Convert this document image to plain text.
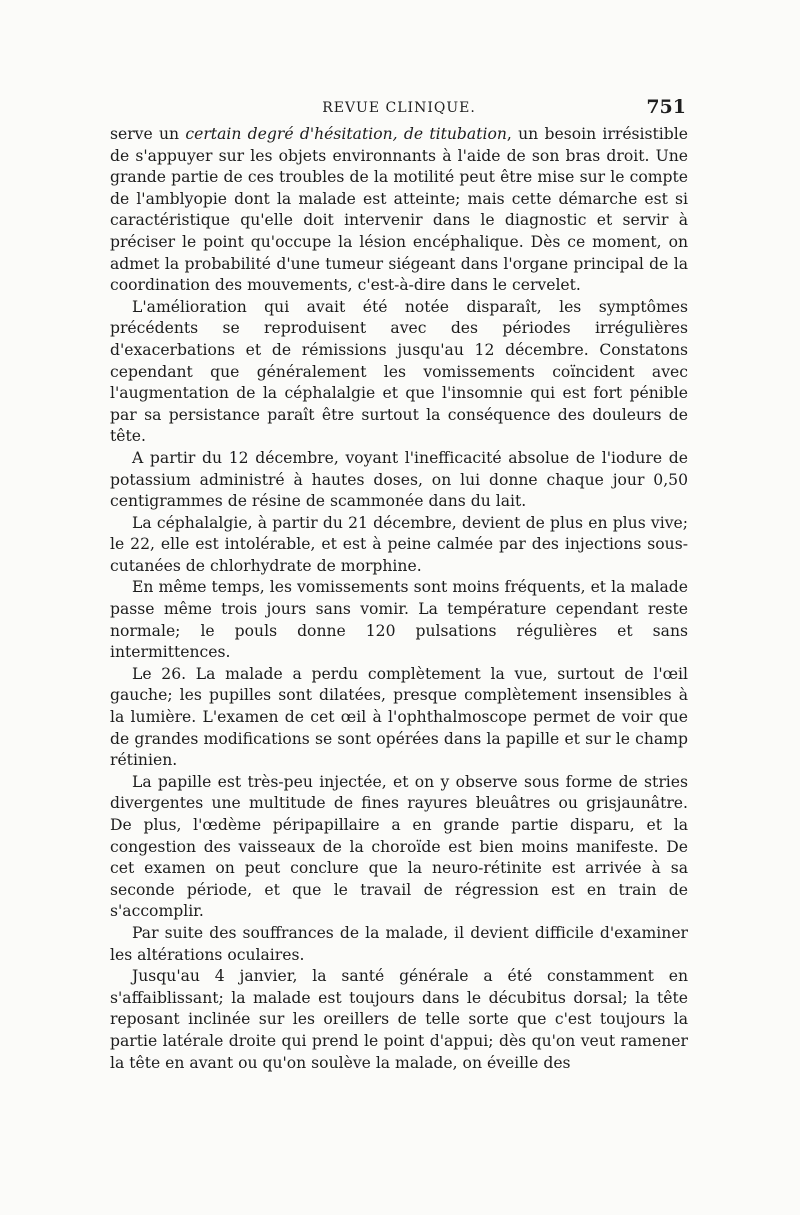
REVUE CLINIQUE.	751

serve un certain degré d'hésitation, de titubation, un besoin irrésistible de s'appuyer sur les objets environnants à l'aide de son bras droit. Une grande partie de ces troubles de la motilité peut être mise sur le compte de l'amblyopie dont la malade est atteinte; mais cette démarche est si caractéristique qu'elle doit intervenir dans le diagnostic et servir à préciser le point qu'occupe la lésion encéphalique. Dès ce moment, on admet la probabilité d'une tumeur siégeant dans l'organe principal de la coordination des mouvements, c'est-à-dire dans le cervelet.

L'amélioration qui avait été notée disparaît, les symptômes précédents se reproduisent avec des périodes irrégulières d'exacerbations et de rémissions jusqu'au 12 décembre. Constatons cependant que généralement les vomissements coïncident avec l'augmentation de la céphalalgie et que l'insomnie qui est fort pénible par sa persistance paraît être surtout la conséquence des douleurs de tête.

A partir du 12 décembre, voyant l'inefficacité absolue de l'iodure de potassium administré à hautes doses, on lui donne chaque jour 0,50 centigrammes de résine de scammonée dans du lait.

La céphalalgie, à partir du 21 décembre, devient de plus en plus vive; le 22, elle est intolérable, et est à peine calmée par des injections sous-cutanées de chlorhydrate de morphine.

En même temps, les vomissements sont moins fréquents, et la malade passe même trois jours sans vomir. La température cependant reste normale; le pouls donne 120 pulsations régulières et sans intermittences.

Le 26. La malade a perdu complètement la vue, surtout de l'œil gauche; les pupilles sont dilatées, presque complètement insensibles à la lumière. L'examen de cet œil à l'ophthalmoscope permet de voir que de grandes modifications se sont opérées dans la papille et sur le champ rétinien.

La papille est très-peu injectée, et on y observe sous forme de stries divergentes une multitude de fines rayures bleuâtres ou grisjaunâtre. De plus, l'œdème péripapillaire a en grande partie disparu, et la congestion des vaisseaux de la choroïde est bien moins manifeste. De cet examen on peut conclure que la neuro-rétinite est arrivée à sa seconde période, et que le travail de régression est en train de s'accomplir.

Par suite des souffrances de la malade, il devient difficile d'examiner les altérations oculaires.

Jusqu'au 4 janvier, la santé générale a été constamment en s'affaiblissant; la malade est toujours dans le décubitus dorsal; la tête reposant inclinée sur les oreillers de telle sorte que c'est toujours la partie latérale droite qui prend le point d'appui; dès qu'on veut ramener la tête en avant ou qu'on soulève la malade, on éveille des
